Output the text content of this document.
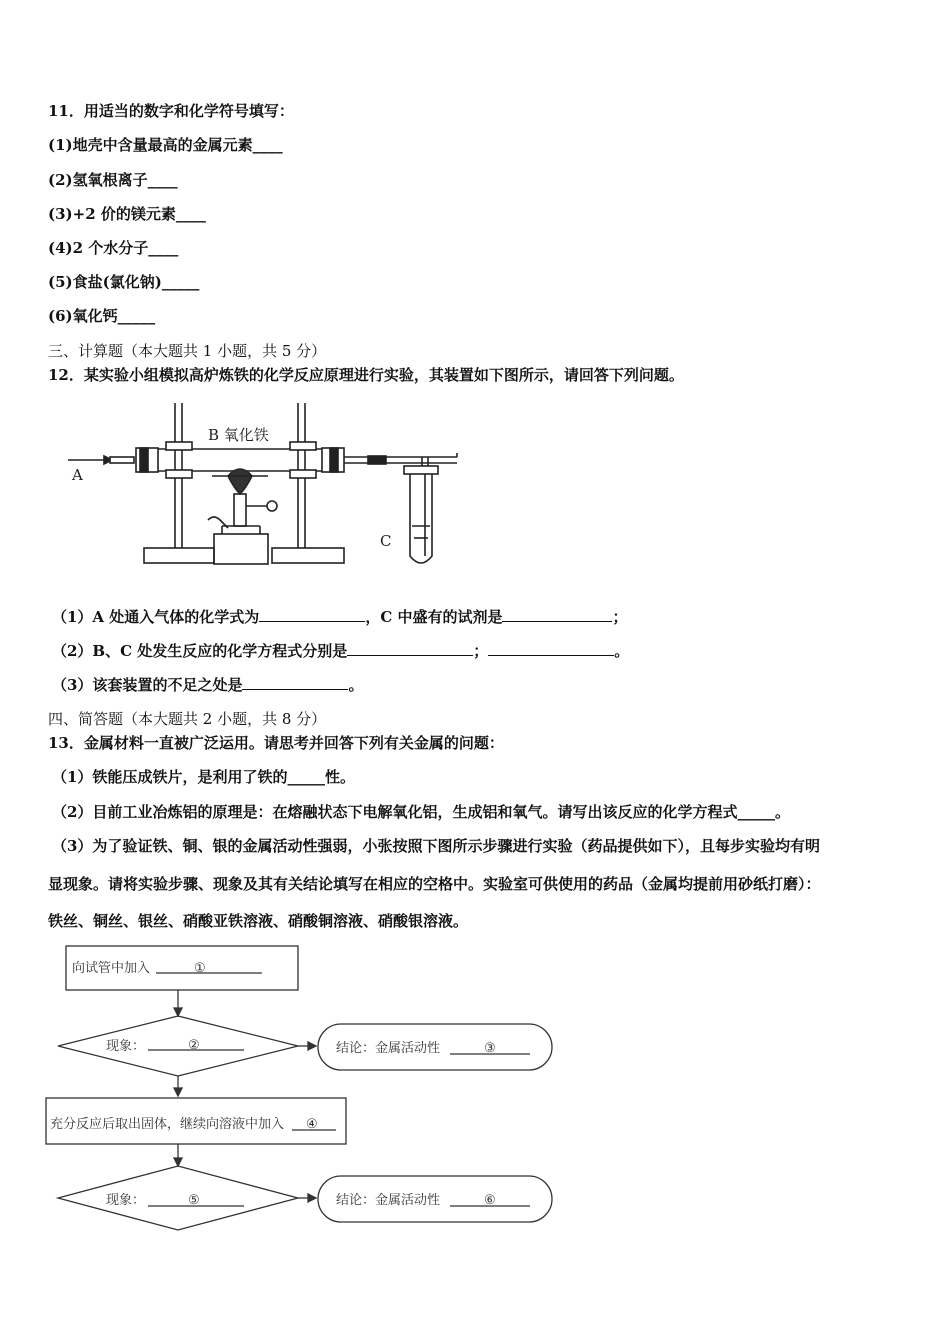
11．用适当的数字和化学符号填写：
(1)地壳中含量最高的金属元素____
(2)氢氧根离子____
(3)+2 价的镁元素____
(4)2 个水分子____
(5)食盐(氯化钠)_____
(6)氧化钙_____
三、计算题（本大题共 1 小题，共 5 分）
12．某实验小组模拟高炉炼铁的化学反应原理进行实验，其装置如下图所示，请回答下列问题。
A
B 氧化铁
C
（1）A 处通入气体的化学式为	，C 中盛有的试剂是	；
（2）B、C 处发生反应的化学方程式分别是	；	。
（3）该套装置的不足之处是	。
四、简答题（本大题共 2 小题，共 8 分）
13．金属材料一直被广泛运用。请思考并回答下列有关金属的问题：
（1）铁能压成铁片，是利用了铁的_____性。
（2）目前工业冶炼铝的原理是：在熔融状态下电解氧化铝，生成铝和氧气。请写出该反应的化学方程式_____。
（3）为了验证铁、铜、银的金属活动性强弱，小张按照下图所示步骤进行实验（药品提供如下），且每步实验均有明
显现象。请将实验步骤、现象及其有关结论填写在相应的空格中。实验室可供使用的药品（金属均提前用砂纸打磨）：
铁丝、铜丝、银丝、硝酸亚铁溶液、硝酸铜溶液、硝酸银溶液。
向试管中加入	①
现象：	②	结论：金属活动性	③
充分反应后取出固体，继续向溶液中加入 ④
现象：	⑤	结论：金属活动性	⑥
